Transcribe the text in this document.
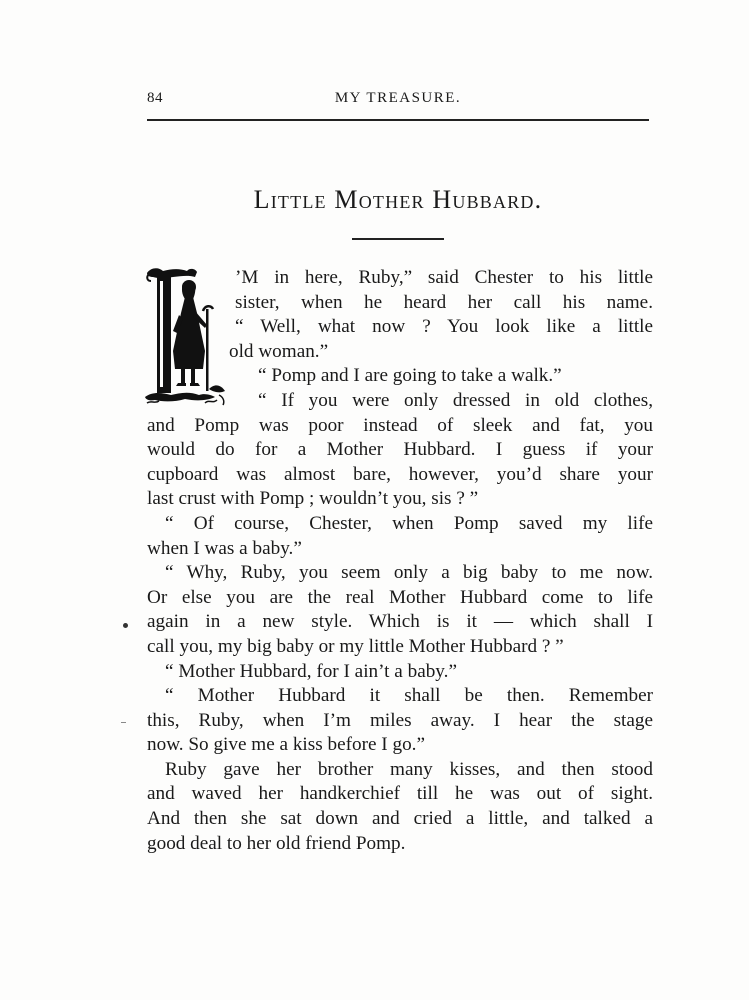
84	MY TREASURE.
Little Mother Hubbard.
’M in here, Ruby,” said Chester to his little
sister, when he heard her call his name.
“ Well, what now ? You look like a little
old woman.”
“ Pomp and I are going to take a walk.”
“ If you were only dressed in old clothes,
and Pomp was poor instead of sleek and fat, you
would do for a Mother Hubbard. I guess if your
cupboard was almost bare, however, you’d share your
last crust with Pomp ; wouldn’t you, sis ? ”
“ Of course, Chester, when Pomp saved my life
when I was a baby.”
“ Why, Ruby, you seem only a big baby to me now.
Or else you are the real Mother Hubbard come to life
again in a new style. Which is it — which shall I
call you, my big baby or my little Mother Hubbard ? ”
“ Mother Hubbard, for I ain’t a baby.”
“ Mother Hubbard it shall be then. Remember
this, Ruby, when I’m miles away. I hear the stage
now. So give me a kiss before I go.”
Ruby gave her brother many kisses, and then stood
and waved her handkerchief till he was out of sight.
And then she sat down and cried a little, and talked a
good deal to her old friend Pomp.
